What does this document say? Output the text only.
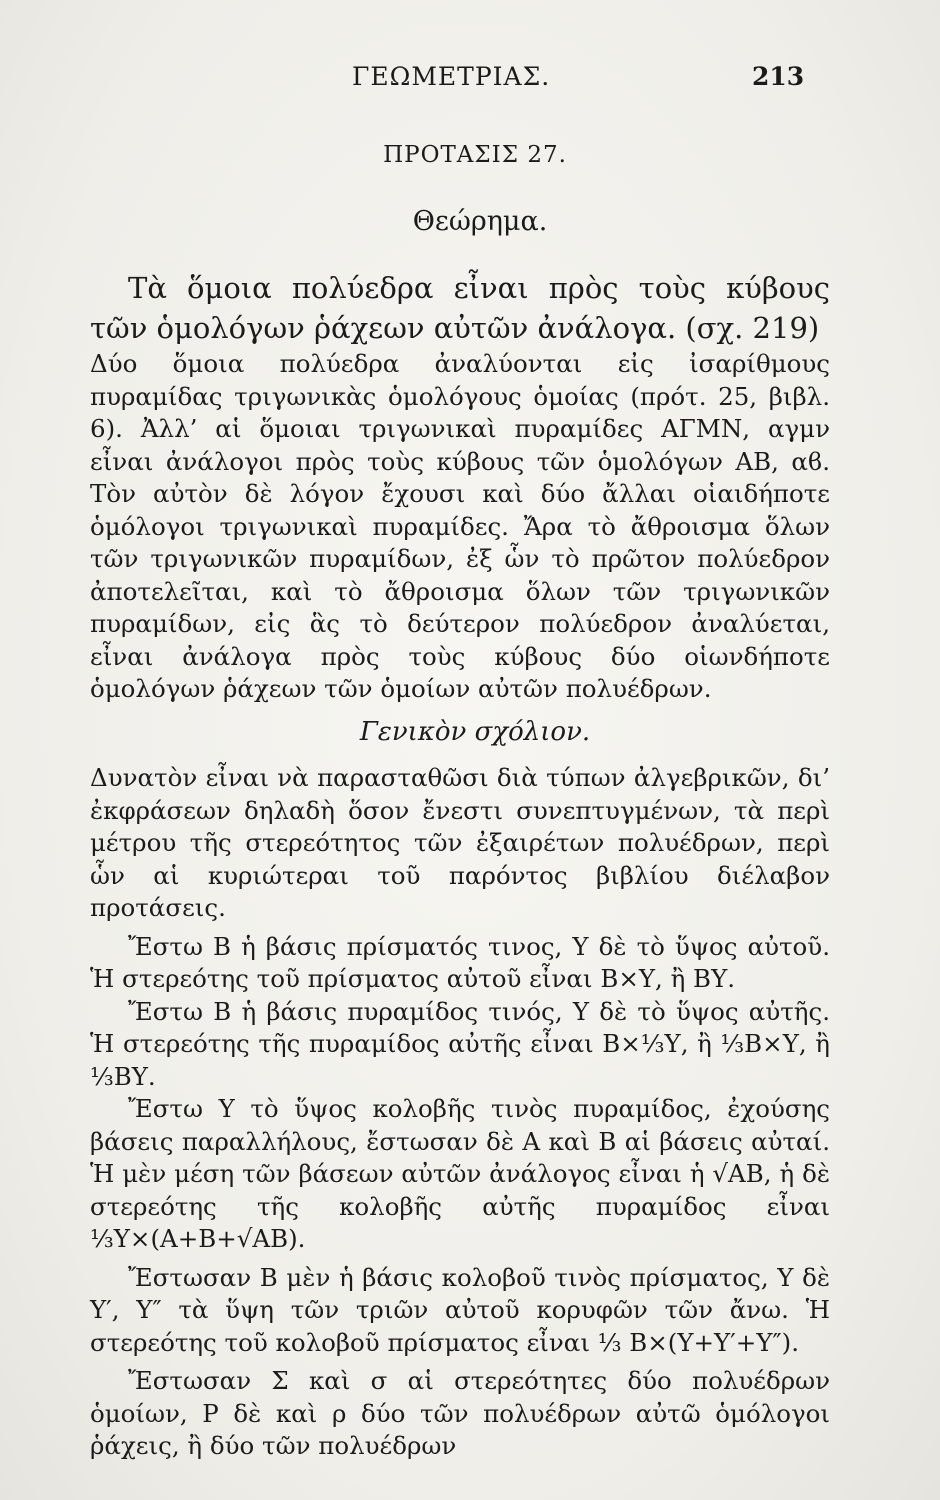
ΓΕΩΜΕΤΡΙΑΣ.	213
ΠΡΟΤΑΣΙΣ 27.
Θεώρημα.

Τὰ ὅμοια πολύεδρα εἶναι πρὸς τοὺς κύβους τῶν ὁμολόγων ῥάχεων αὐτῶν ἀνάλογα. (σχ. 219)

Δύο ὅμοια πολύεδρα ἀναλύονται εἰς ἰσαρίθμους πυραμίδας τριγωνικὰς ὁμολόγους ὁμοίας (πρότ. 25, βιβλ. 6). Ἀλλ’ αἱ ὅμοιαι τριγωνικαὶ πυραμίδες ΑΓΜΝ, αγμν εἶναι ἀνάλογοι πρὸς τοὺς κύβους τῶν ὁμολόγων ΑΒ, αϐ. Τὸν αὐτὸν δὲ λόγον ἔχουσι καὶ δύο ἄλλαι οἱαιδήποτε ὁμόλογοι τριγωνικαὶ πυραμίδες. Ἄρα τὸ ἄθροισμα ὅλων τῶν τριγωνικῶν πυραμίδων, ἐξ ὧν τὸ πρῶτον πολύεδρον ἀποτελεῖται, καὶ τὸ ἄθροισμα ὅλων τῶν τριγωνικῶν πυραμίδων, εἰς ἃς τὸ δεύτερον πολύεδρον ἀναλύεται, εἶναι ἀνάλογα πρὸς τοὺς κύβους δύο οἱωνδήποτε ὁμολόγων ῥάχεων τῶν ὁμοίων αὐτῶν πολυέδρων.

Γενικὸν σχόλιον.

Δυνατὸν εἶναι νὰ παρασταθῶσι διὰ τύπων ἀλγεβρικῶν, δι’ ἐκφράσεων δηλαδὴ ὅσον ἔνεστι συνεπτυγμένων, τὰ περὶ μέτρου τῆς στερεότητος τῶν ἐξαιρέτων πολυέδρων, περὶ ὧν αἱ κυριώτεραι τοῦ παρόντος βιβλίου διέλαβον προτάσεις.

Ἔστω Β ἡ βάσις πρίσματός τινος, Υ δὲ τὸ ὕψος αὐτοῦ. Ἡ στερεότης τοῦ πρίσματος αὐτοῦ εἶναι Β×Υ, ἢ ΒΥ.

Ἔστω Β ἡ βάσις πυραμίδος τινός, Υ δὲ τὸ ὕψος αὐτῆς. Ἡ στερεότης τῆς πυραμίδος αὐτῆς εἶναι Β×⅓Υ, ἢ ⅓Β×Υ, ἢ ⅓ΒΥ.

Ἔστω Υ τὸ ὕψος κολοβῆς τινὸς πυραμίδος, ἐχούσης βάσεις παραλλήλους, ἔστωσαν δὲ Α καὶ Β αἱ βάσεις αὐταί. Ἡ μὲν μέση τῶν βάσεων αὐτῶν ἀνάλογος εἶναι ἡ √ΑΒ, ἡ δὲ στερεότης τῆς κολοβῆς αὐτῆς πυραμίδος εἶναι ⅓Υ×(Α+Β+√ΑΒ).

Ἔστωσαν Β μὲν ἡ βάσις κολοβοῦ τινὸς πρίσματος, Υ δὲ Υ′, Υ″ τὰ ὕψη τῶν τριῶν αὐτοῦ κορυφῶν τῶν ἄνω. Ἡ στερεότης τοῦ κολοβοῦ πρίσματος εἶναι ⅓ Β×(Υ+Υ′+Υ″).

Ἔστωσαν Σ καὶ σ αἱ στερεότητες δύο πολυέδρων ὁμοίων, Ρ δὲ καὶ ρ δύο τῶν πολυέδρων αὐτῶ ὁμόλογοι ῥάχεις, ἢ δύο τῶν πολυέδρων
